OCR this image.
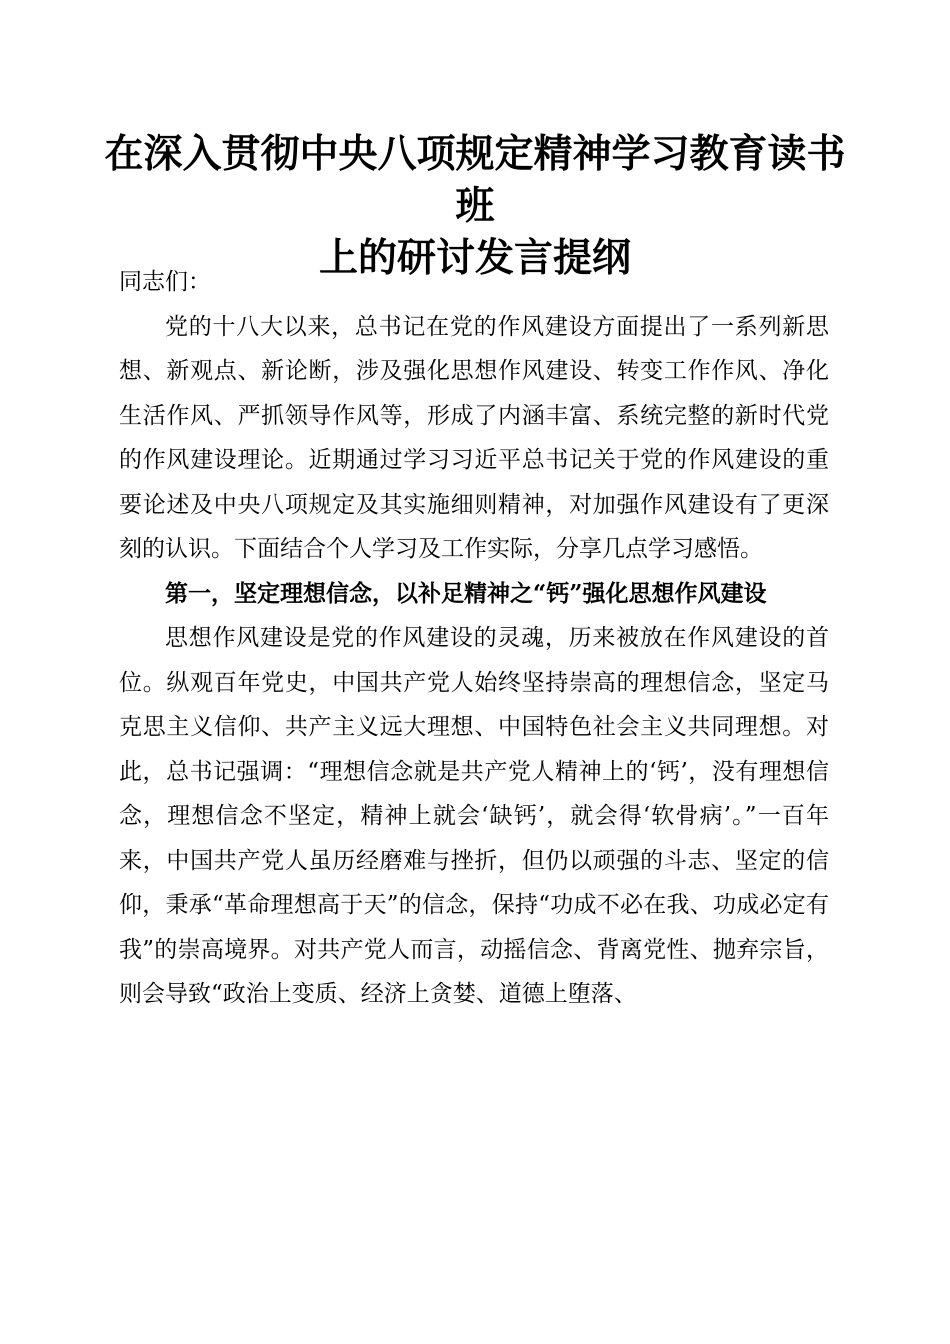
在深入贯彻中央八项规定精神学习教育读书班
上的研讨发言提纲

同志们：

党的十八大以来，总书记在党的作风建设方面提出了一系列新思想、新观点、新论断，涉及强化思想作风建设、转变工作作风、净化生活作风、严抓领导作风等，形成了内涵丰富、系统完整的新时代党的作风建设理论。近期通过学习习近平总书记关于党的作风建设的重要论述及中央八项规定及其实施细则精神，对加强作风建设有了更深刻的认识。下面结合个人学习及工作实际，分享几点学习感悟。

第一，坚定理想信念，以补足精神之“钙”强化思想作风建设

思想作风建设是党的作风建设的灵魂，历来被放在作风建设的首位。纵观百年党史，中国共产党人始终坚持崇高的理想信念，坚定马克思主义信仰、共产主义远大理想、中国特色社会主义共同理想。对此，总书记强调：“理想信念就是共产党人精神上的‘钙’，没有理想信念，理想信念不坚定，精神上就会‘缺钙’，就会得‘软骨病’。”一百年来，中国共产党人虽历经磨难与挫折，但仍以顽强的斗志、坚定的信仰，秉承“革命理想高于天”的信念，保持“功成不必在我、功成必定有我”的崇高境界。对共产党人而言，动摇信念、背离党性、抛弃宗旨，则会导致“政治上变质、经济上贪婪、道德上堕落、
